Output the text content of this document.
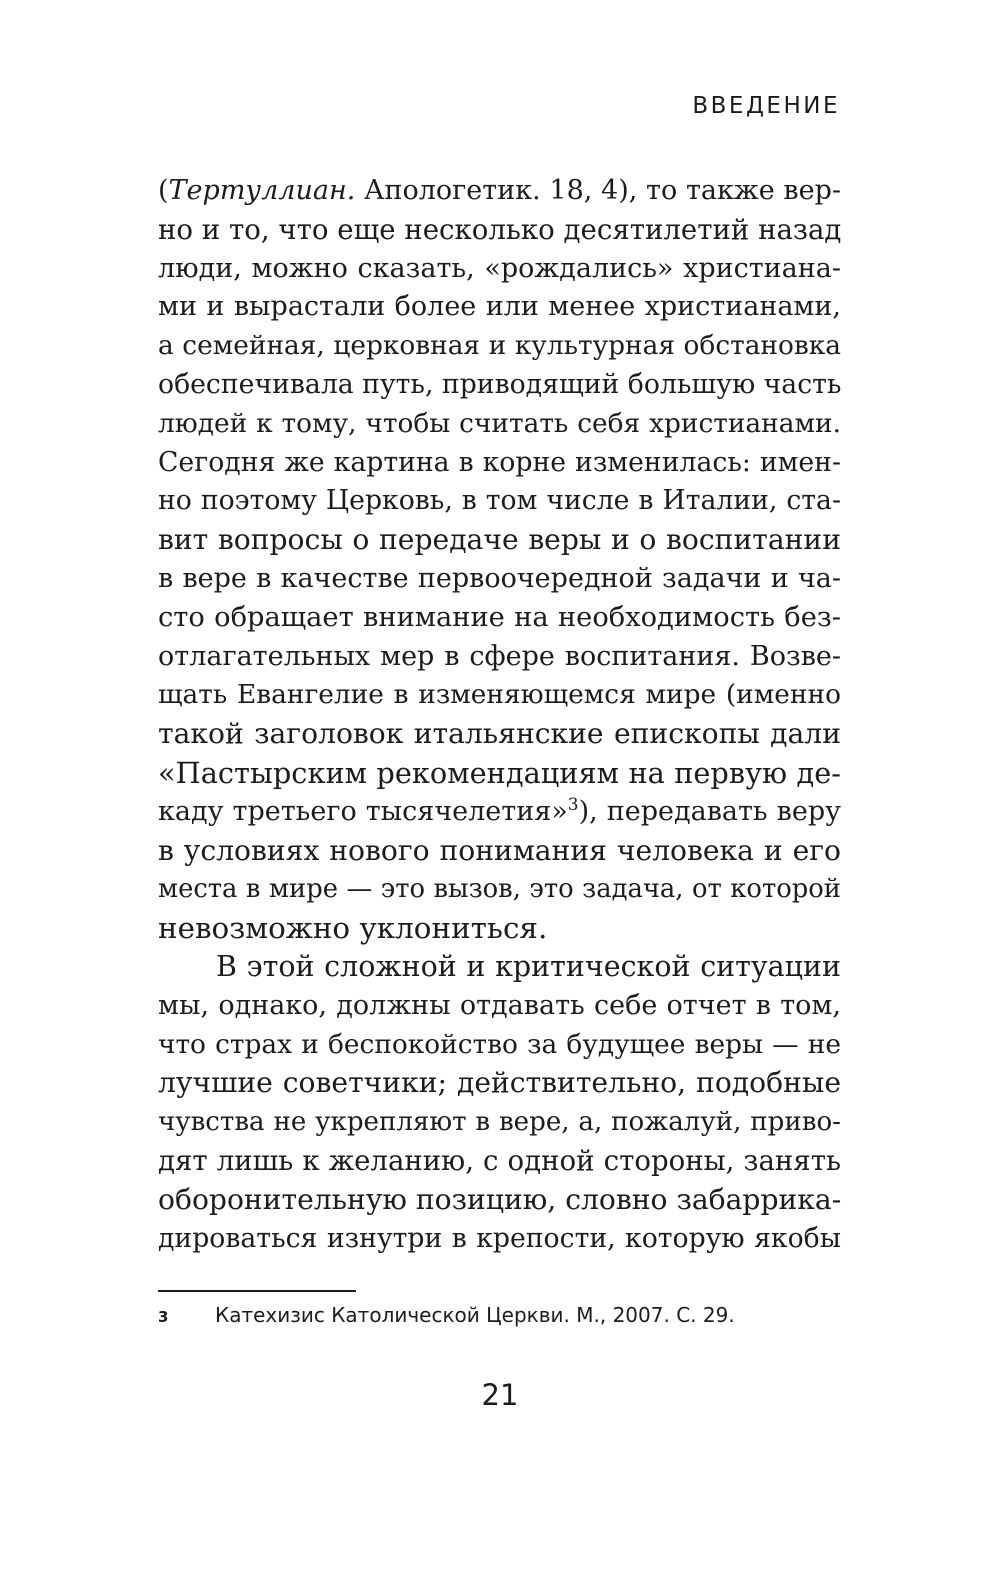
ВВЕДЕНИЕ
(Тертуллиан. Апологетик. 18, 4), то также вер-
но и то, что еще несколько десятилетий назад
люди, можно сказать, «рождались» христиана-
ми и вырастали более или менее христианами,
а семейная, церковная и культурная обстановка
обеспечивала путь, приводящий большую часть
людей к тому, чтобы считать себя христианами.
Сегодня же картина в корне изменилась: имен-
но поэтому Церковь, в том числе в Италии, ста-
вит вопросы о передаче веры и о воспитании
в вере в качестве первоочередной задачи и ча-
сто обращает внимание на необходимость без-
отлагательных мер в сфере воспитания. Возве-
щать Евангелие в изменяющемся мире (именно
такой заголовок итальянские епископы дали
«Пастырским рекомендациям на первую де-
каду третьего тысячелетия»$^3$), передавать веру
в условиях нового понимания человека и его
места в мире — это вызов, это задача, от которой
невозможно уклониться.
В этой сложной и критической ситуации
мы, однако, должны отдавать себе отчет в том,
что страх и беспокойство за будущее веры — не
лучшие советчики; действительно, подобные
чувства не укрепляют в вере, а, пожалуй, приво-
дят лишь к желанию, с одной стороны, занять
оборонительную позицию, словно забаррика-
дироваться изнутри в крепости, которую якобы
3 Катехизис Католической Церкви. М., 2007. С. 29.
21
